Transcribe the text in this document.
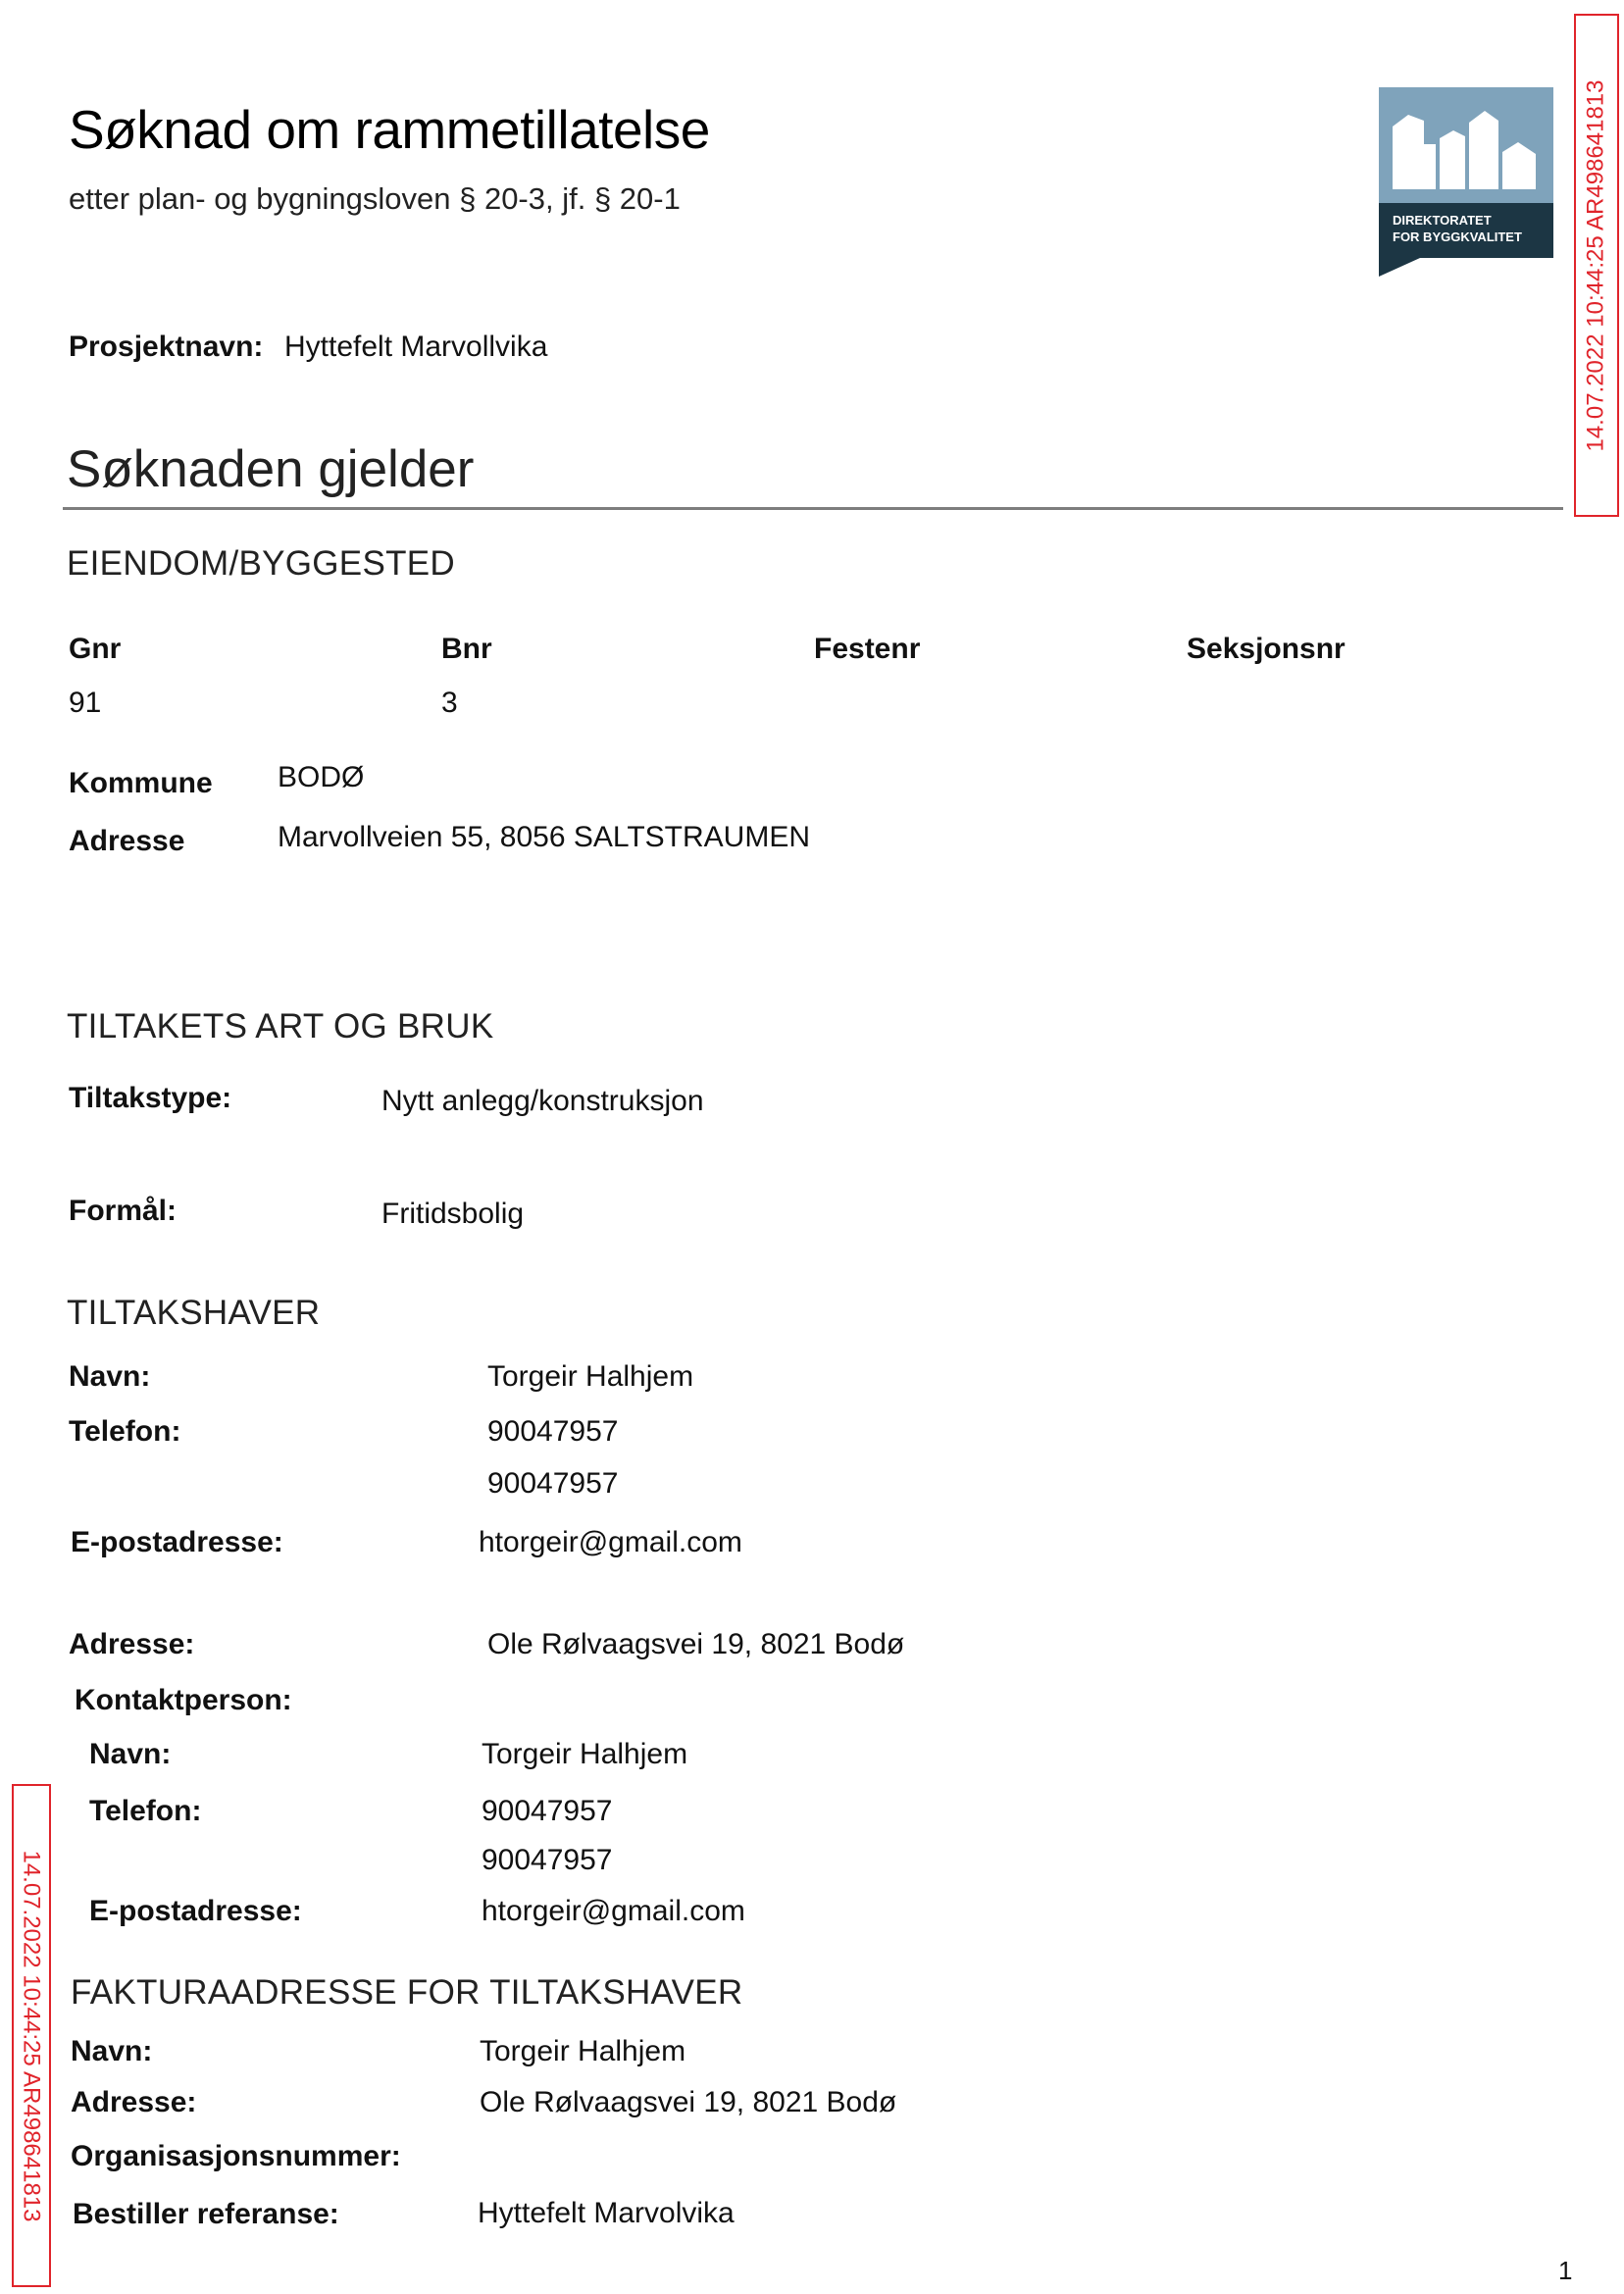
Søknad om rammetillatelse
etter plan- og bygningsloven § 20-3, jf. § 20-1
DIREKTORATET
FOR BYGGKVALITET	14.07.2022 10:44:25 AR498641813
14.07.2022 10:44:25 AR498641813
Prosjektnavn: Hyttefelt Marvollvika
Søknaden gjelder
EIENDOM/BYGGESTED
Gnr	Bnr	Festenr	Seksjonsnr
91	3
Kommune BODØ
Adresse	Marvollveien 55, 8056 SALTSTRAUMEN
TILTAKETS ART OG BRUK
Tiltakstype:	Nytt anlegg/konstruksjon
Formål:	Fritidsbolig
TILTAKSHAVER
Navn:	Torgeir Halhjem
Telefon:	90047957
90047957
E-postadresse:	htorgeir@gmail.com
Adresse:	Ole Rølvaagsvei 19, 8021 Bodø
Kontaktperson:
Navn:	Torgeir Halhjem
Telefon:	90047957
90047957
E-postadresse:	htorgeir@gmail.com
FAKTURAADRESSE FOR TILTAKSHAVER
Navn:	Torgeir Halhjem
Adresse:	Ole Rølvaagsvei 19, 8021 Bodø
Organisasjonsnummer:
Bestiller referanse:	Hyttefelt Marvolvika
1
